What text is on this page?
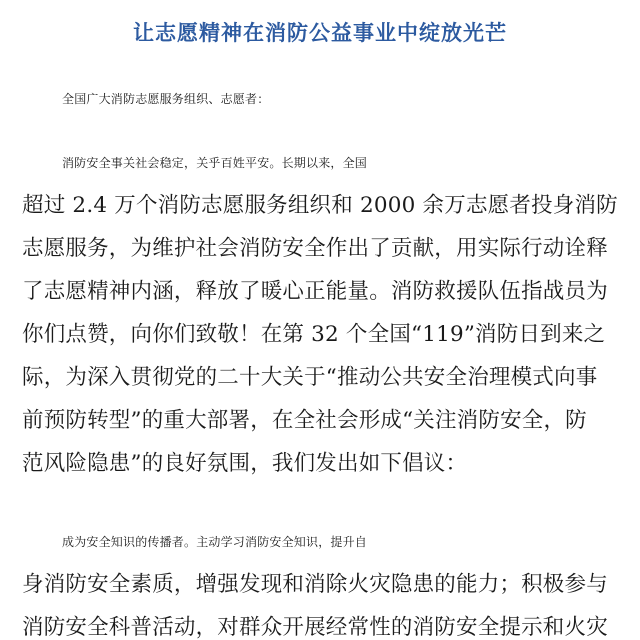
让志愿精神在消防公益事业中绽放光芒
全国广大消防志愿服务组织、志愿者：
消防安全事关社会稳定，关乎百姓平安。长期以来，全国
超过 2.4 万个消防志愿服务组织和 2000 余万志愿者投身消防
志愿服务，为维护社会消防安全作出了贡献，用实际行动诠释
了志愿精神内涵，释放了暖心正能量。消防救援队伍指战员为
你们点赞，向你们致敬！在第 32 个全国“119”消防日到来之
际，为深入贯彻党的二十大关于“推动公共安全治理模式向事
前预防转型”的重大部署，在全社会形成“关注消防安全，防
范风险隐患”的良好氛围，我们发出如下倡议：
成为安全知识的传播者。主动学习消防安全知识，提升自
身消防安全素质，增强发现和消除火灾隐患的能力；积极参与
消防安全科普活动，对群众开展经常性的消防安全提示和火灾
